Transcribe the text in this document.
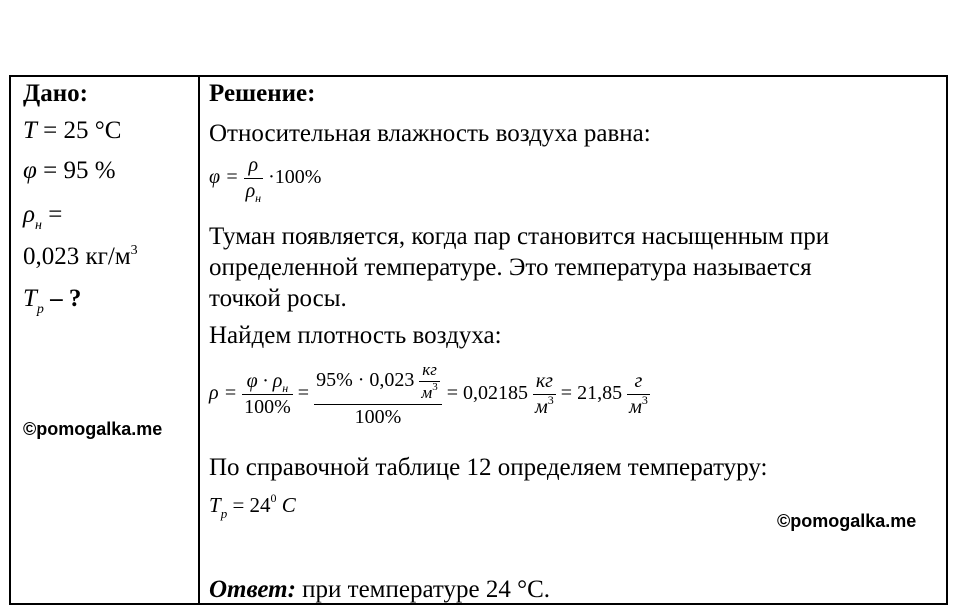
Дано:
T = 25 °C
φ = 95 %
$\rho_н$ =
0,023 $кг/м^3$
$T_р$ – ?
©pomogalka.me
Решение:
Относительная влажность воздуха равна:
$\varphi = \frac{\rho}{\rho_н} \cdot 100\%$
Туман появляется, когда пар становится насыщенным при
определенной температуре. Это температура называется
точкой росы.
Найдем плотность воздуха:
$\rho = \frac{\varphi \cdot \rho_н}{100\%} = \frac{95\% \cdot 0,023 \frac{кг}{м^3}}{100\%} = 0,02185 \frac{кг}{м^3} = 21,85 \frac{г}{м^3}$
По справочной таблице 12 определяем температуру:
$T_р = 24^0$ C
©pomogalka.me
Ответ: при температуре 24 °С.
